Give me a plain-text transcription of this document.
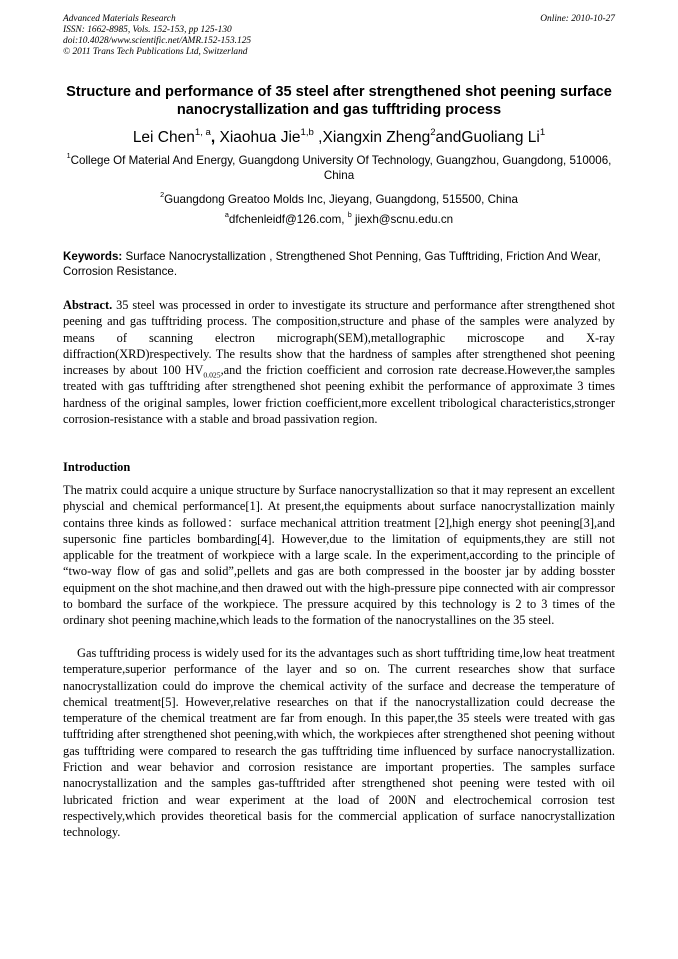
Advanced Materials Research
ISSN: 1662-8985, Vols. 152-153, pp 125-130
doi:10.4028/www.scientific.net/AMR.152-153.125
© 2011 Trans Tech Publications Ltd, Switzerland
Online: 2010-10-27
Structure and performance of 35 steel after strengthened shot peening surface nanocrystallization and gas tufftriding process
Lei Chen$^{1, a}$, Xiaohua Jie$^{1,b}$ ,Xiangxin Zheng$^2$andGuoliang Li$^1$
$^1$College Of Material And Energy, Guangdong University Of Technology, Guangzhou, Guangdong, 510006, China
$^2$Guangdong Greatoo Molds Inc, Jieyang, Guangdong, 515500, China
$^a$dfchenleidf@126.com, $^b$ jiexh@scnu.edu.cn
Keywords: Surface Nanocrystallization , Strengthened Shot Penning, Gas Tufftriding, Friction And Wear, Corrosion Resistance.
Abstract. 35 steel was processed in order to investigate its structure and performance after strengthened shot peening and gas tufftriding process. The composition,structure and phase of the samples were analyzed by means of scanning electron micrograph(SEM),metallographic microscope and X-ray diffraction(XRD)respectively. The results show that the hardness of samples after strengthened shot peening increases by about 100 $HV_{0.025},and$ the friction coefficient and corrosion rate decrease.However,the samples treated with gas tufftriding after strengthened shot peening exhibit the performance of approximate 3 times hardness of the original samples, lower friction coefficient,more excellent tribological characteristics,stronger corrosion-resistance with a stable and broad passivation region.
Introduction
The matrix could acquire a unique structure by Surface nanocrystallization so that it may represent an excellent physcial and chemical performance[1]. At present,the equipments about surface nanocrystallization mainly contains three kinds as followed：surface mechanical attrition treatment [2],high energy shot peening[3],and supersonic fine particles bombarding[4]. However,due to the limitation of equipments,they are still not applicable for the treatment of workpiece with a large scale. In the experiment,according to the principle of “two-way flow of gas and solid”,pellets and gas are both compressed in the booster jar by adding bosster equipment on the shot machine,and then drawed out with the high-pressure pipe connected with air compressor to bombard the surface of the workpiece. The pressure acquired by this technology is 2 to 3 times of the ordinary shot peening machine,which leads to the formation of the nanocrystallines on the 35 steel.
Gas tufftriding process is widely used for its the advantages such as short tufftriding time,low heat treatment temperature,superior performance of the layer and so on. The current researches show that surface nanocrystallization could do improve the chemical activity of the surface and decrease the temperature of chemical treatment[5]. However,relative researches on that if the nanocrystallization could decrease the temperature of the chemical treatment are far from enough. In this paper,the 35 steels were treated with gas tufftriding after strengthened shot peening,with which, the workpieces after strengthened shot peening without gas tufftriding were compared to research the gas tufftriding time influenced by surface nanocrystallization. Friction and wear behavior and corrosion resistance are important properties. The samples surface nanocrystallization and the samples gas-tufftrided after strengthened shot peening were tested with oil lubricated friction and wear experiment at the load of 200N and electrochemical corrosion test respectively,which provides theoretical basis for the commercial application of surface nanocrystallization technology.
